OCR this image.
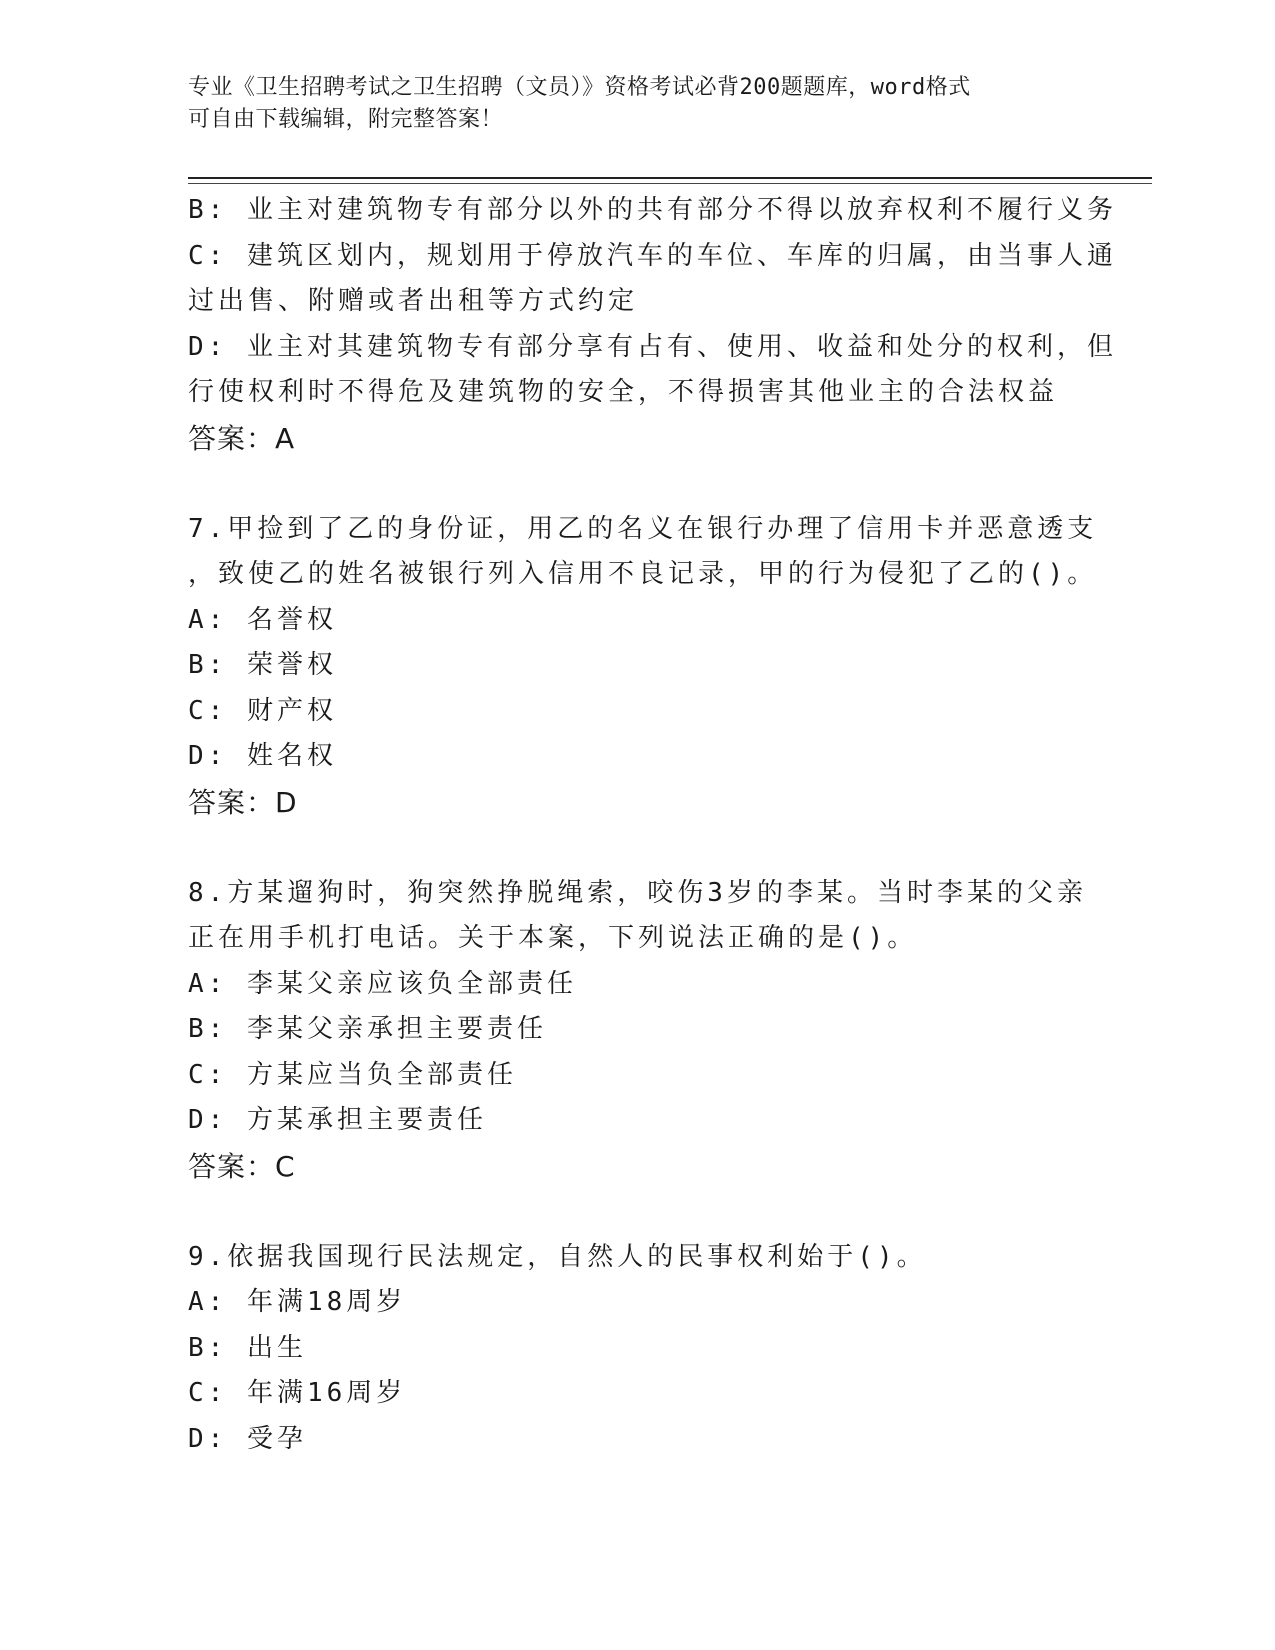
专业《卫生招聘考试之卫生招聘（文员）》资格考试必背200题题库，word格式
可自由下载编辑，附完整答案！
B: 业主对建筑物专有部分以外的共有部分不得以放弃权利不履行义务
C: 建筑区划内，规划用于停放汽车的车位、车库的归属，由当事人通
过出售、附赠或者出租等方式约定
D: 业主对其建筑物专有部分享有占有、使用、收益和处分的权利，但
行使权利时不得危及建筑物的安全，不得损害其他业主的合法权益
答案：A
7.甲捡到了乙的身份证，用乙的名义在银行办理了信用卡并恶意透支
，致使乙的姓名被银行列入信用不良记录，甲的行为侵犯了乙的()。
A: 名誉权
B: 荣誉权
C: 财产权
D: 姓名权
答案：D
8.方某遛狗时，狗突然挣脱绳索，咬伤3岁的李某。当时李某的父亲
正在用手机打电话。关于本案，下列说法正确的是()。
A: 李某父亲应该负全部责任
B: 李某父亲承担主要责任
C: 方某应当负全部责任
D: 方某承担主要责任
答案：C
9.依据我国现行民法规定，自然人的民事权利始于()。
A: 年满18周岁
B: 出生
C: 年满16周岁
D: 受孕
